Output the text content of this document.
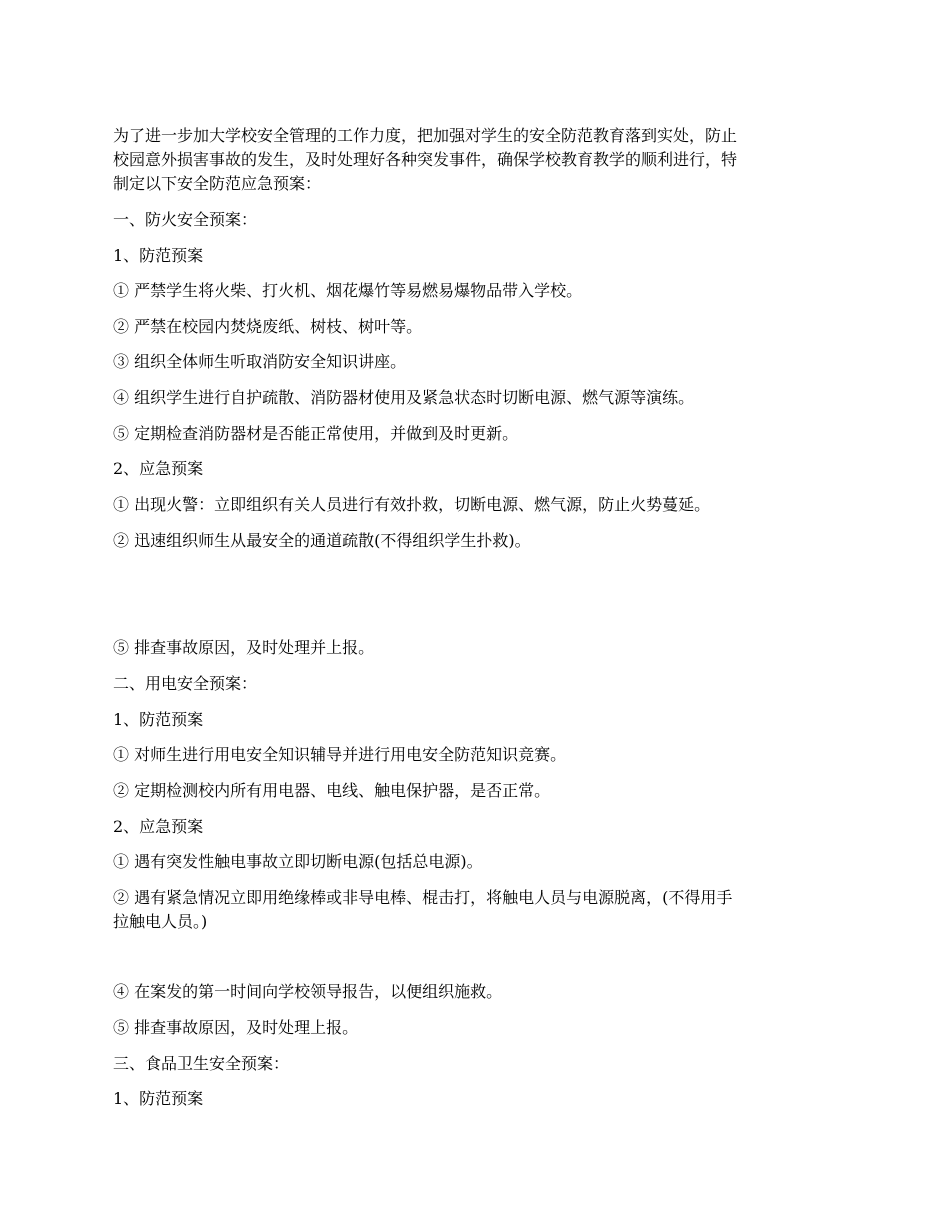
为了进一步加大学校安全管理的工作力度，把加强对学生的安全防范教育落到实处，防止

校园意外损害事故的发生，及时处理好各种突发事件，确保学校教育教学的顺利进行，特

制定以下安全防范应急预案：

一、防火安全预案：

1、防范预案

① 严禁学生将火柴、打火机、烟花爆竹等易燃易爆物品带入学校。

② 严禁在校园内焚烧废纸、树枝、树叶等。

③ 组织全体师生听取消防安全知识讲座。

④ 组织学生进行自护疏散、消防器材使用及紧急状态时切断电源、燃气源等演练。

⑤ 定期检查消防器材是否能正常使用，并做到及时更新。

2、应急预案

① 出现火警：立即组织有关人员进行有效扑救，切断电源、燃气源，防止火势蔓延。

② 迅速组织师生从最安全的通道疏散(不得组织学生扑救)。

⑤ 排查事故原因，及时处理并上报。

二、用电安全预案：

1、防范预案

① 对师生进行用电安全知识辅导并进行用电安全防范知识竞赛。

② 定期检测校内所有用电器、电线、触电保护器，是否正常。

2、应急预案

① 遇有突发性触电事故立即切断电源(包括总电源)。

② 遇有紧急情况立即用绝缘棒或非导电棒、棍击打，将触电人员与电源脱离，(不得用手

拉触电人员。)

④ 在案发的第一时间向学校领导报告，以便组织施救。

⑤ 排查事故原因，及时处理上报。

三、食品卫生安全预案：

1、防范预案
